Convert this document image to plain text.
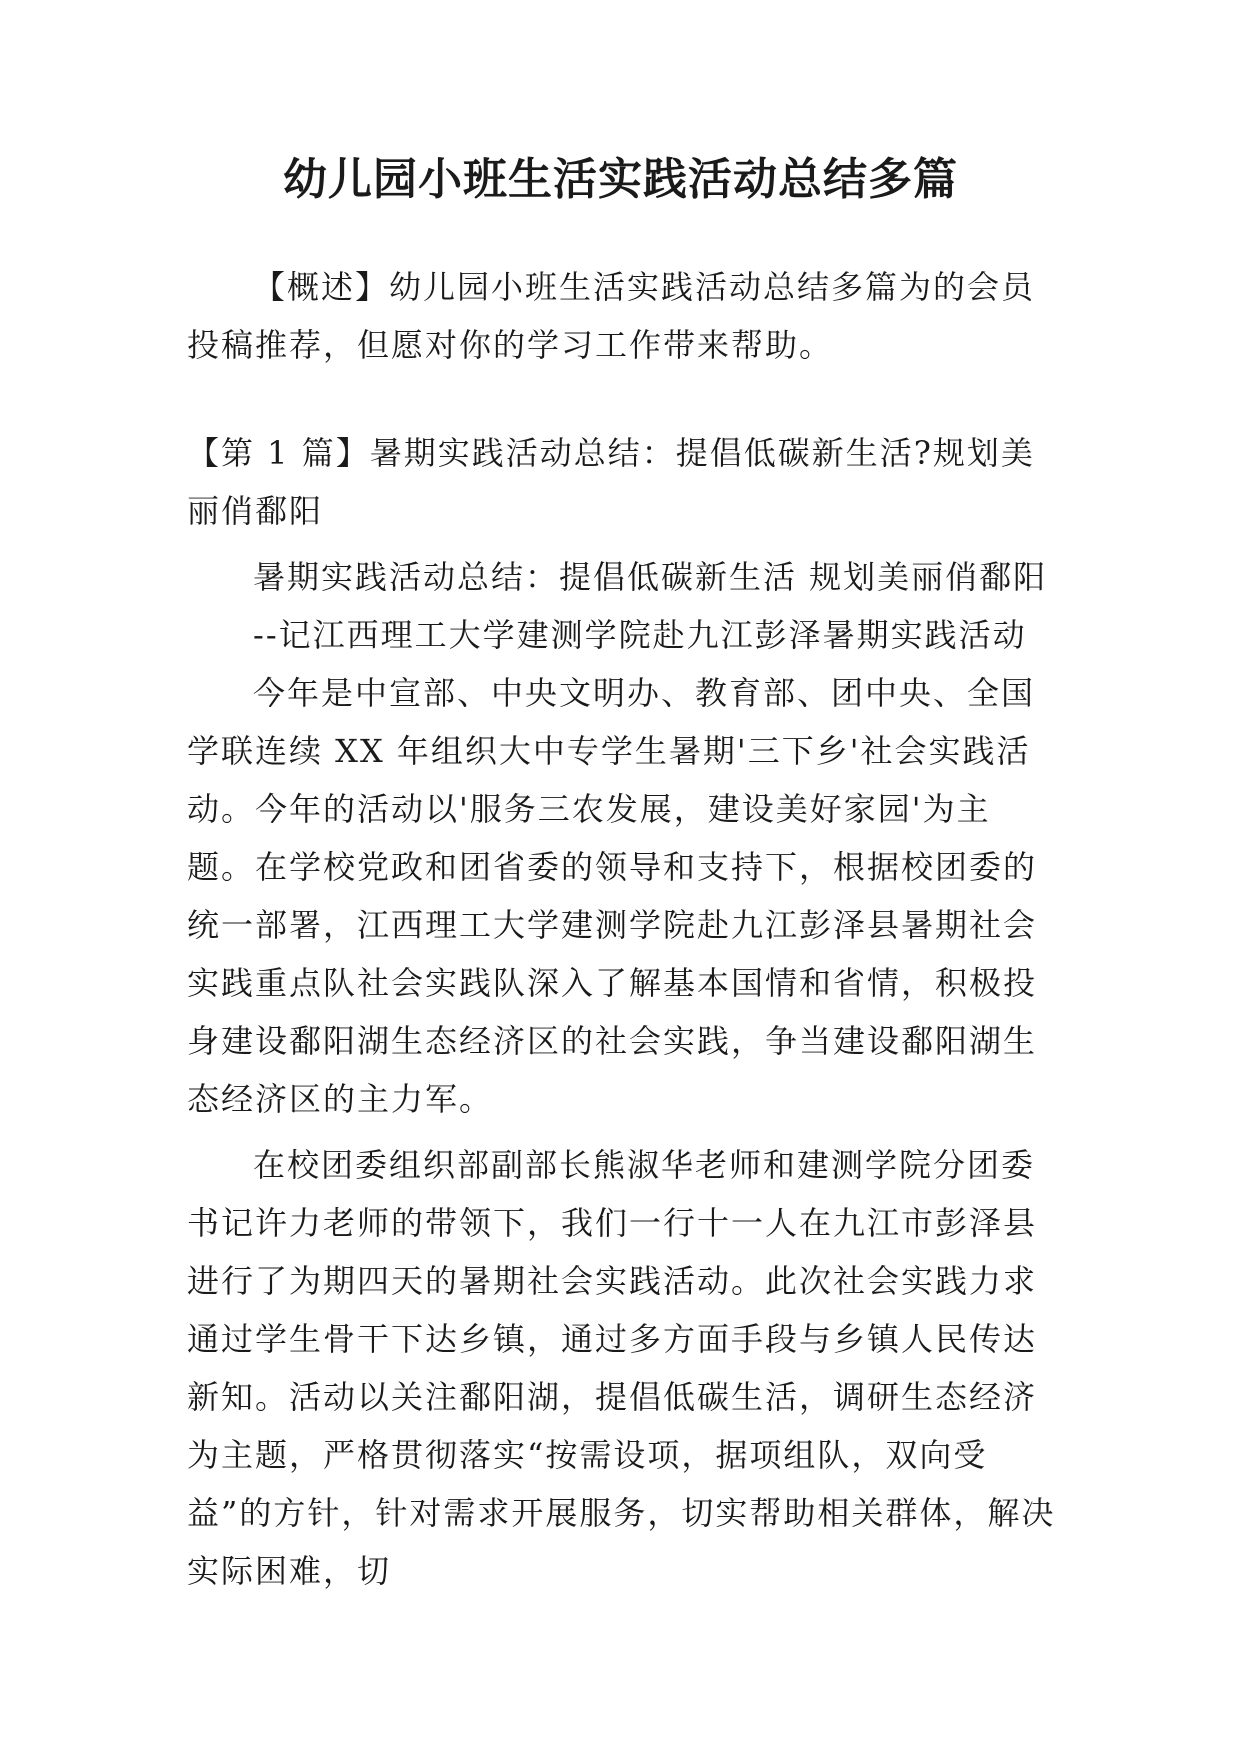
幼儿园小班生活实践活动总结多篇

【概述】幼儿园小班生活实践活动总结多篇为的会员投稿推荐，但愿对你的学习工作带来帮助。

【第 1 篇】暑期实践活动总结：提倡低碳新生活?规划美丽俏鄱阳

暑期实践活动总结：提倡低碳新生活 规划美丽俏鄱阳

--记江西理工大学建测学院赴九江彭泽暑期实践活动

今年是中宣部、中央文明办、教育部、团中央、全国学联连续 XX 年组织大中专学生暑期'三下乡'社会实践活动。今年的活动以'服务三农发展，建设美好家园'为主题。在学校党政和团省委的领导和支持下，根据校团委的统一部署，江西理工大学建测学院赴九江彭泽县暑期社会实践重点队社会实践队深入了解基本国情和省情，积极投身建设鄱阳湖生态经济区的社会实践，争当建设鄱阳湖生态经济区的主力军。

在校团委组织部副部长熊淑华老师和建测学院分团委书记许力老师的带领下，我们一行十一人在九江市彭泽县进行了为期四天的暑期社会实践活动。此次社会实践力求通过学生骨干下达乡镇，通过多方面手段与乡镇人民传达新知。活动以关注鄱阳湖，提倡低碳生活，调研生态经济为主题，严格贯彻落实“按需设项，据项组队，双向受益”的方针，针对需求开展服务，切实帮助相关群体，解决实际困难，切
